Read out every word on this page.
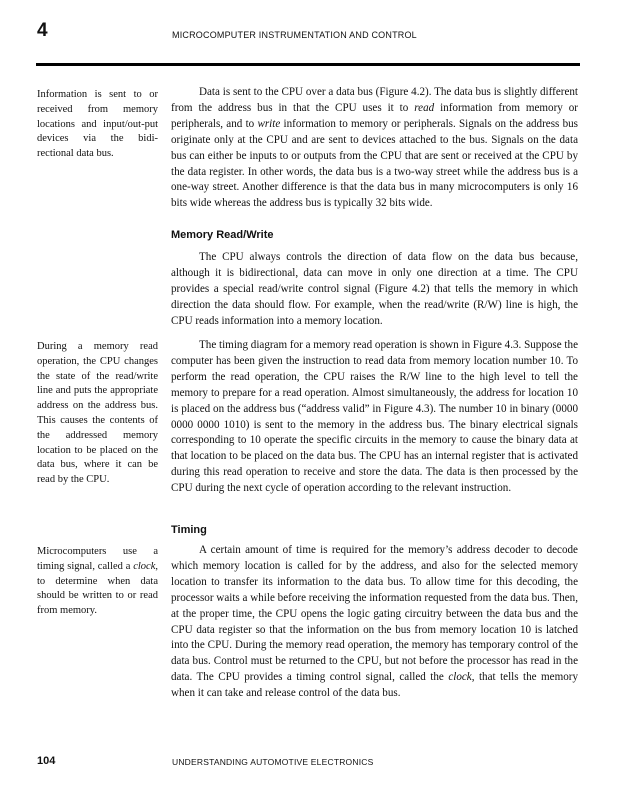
4	MICROCOMPUTER INSTRUMENTATION AND CONTROL

Information is sent to or received from memory locations and input/out-put devices via the bidi-rectional data bus.

During a memory read operation, the CPU changes the state of the read/write line and puts the appropriate address on the address bus. This causes the contents of the addressed memory location to be placed on the data bus, where it can be read by the CPU.

Microcomputers use a timing signal, called a clock, to determine when data should be written to or read from memory.

Data is sent to the CPU over a data bus (Figure 4.2). The data bus is slightly different from the address bus in that the CPU uses it to read information from memory or peripherals, and to write information to memory or peripherals. Signals on the address bus originate only at the CPU and are sent to devices attached to the bus. Signals on the data bus can either be inputs to or outputs from the CPU that are sent or received at the CPU by the data register. In other words, the data bus is a two-way street while the address bus is a one-way street. Another difference is that the data bus in many microcomputers is only 16 bits wide whereas the address bus is typically 32 bits wide.

Memory Read/Write

The CPU always controls the direction of data flow on the data bus because, although it is bidirectional, data can move in only one direction at a time. The CPU provides a special read/write control signal (Figure 4.2) that tells the memory in which direction the data should flow. For example, when the read/write (R/W) line is high, the CPU reads information into a memory location.

The timing diagram for a memory read operation is shown in Figure 4.3. Suppose the computer has been given the instruction to read data from memory location number 10. To perform the read operation, the CPU raises the R/W line to the high level to tell the memory to prepare for a read operation. Almost simultaneously, the address for location 10 is placed on the address bus (“address valid” in Figure 4.3). The number 10 in binary (0000 0000 0000 1010) is sent to the memory in the address bus. The binary electrical signals corresponding to 10 operate the specific circuits in the memory to cause the binary data at that location to be placed on the data bus. The CPU has an internal register that is activated during this read operation to receive and store the data. The data is then processed by the CPU during the next cycle of operation according to the relevant instruction.

Timing

A certain amount of time is required for the memory’s address decoder to decode which memory location is called for by the address, and also for the selected memory location to transfer its information to the data bus. To allow time for this decoding, the processor waits a while before receiving the information requested from the data bus. Then, at the proper time, the CPU opens the logic gating circuitry between the data bus and the CPU data register so that the information on the bus from memory location 10 is latched into the CPU. During the memory read operation, the memory has temporary control of the data bus. Control must be returned to the CPU, but not before the processor has read in the data. The CPU provides a timing control signal, called the clock, that tells the memory when it can take and release control of the data bus.

104	UNDERSTANDING AUTOMOTIVE ELECTRONICS
